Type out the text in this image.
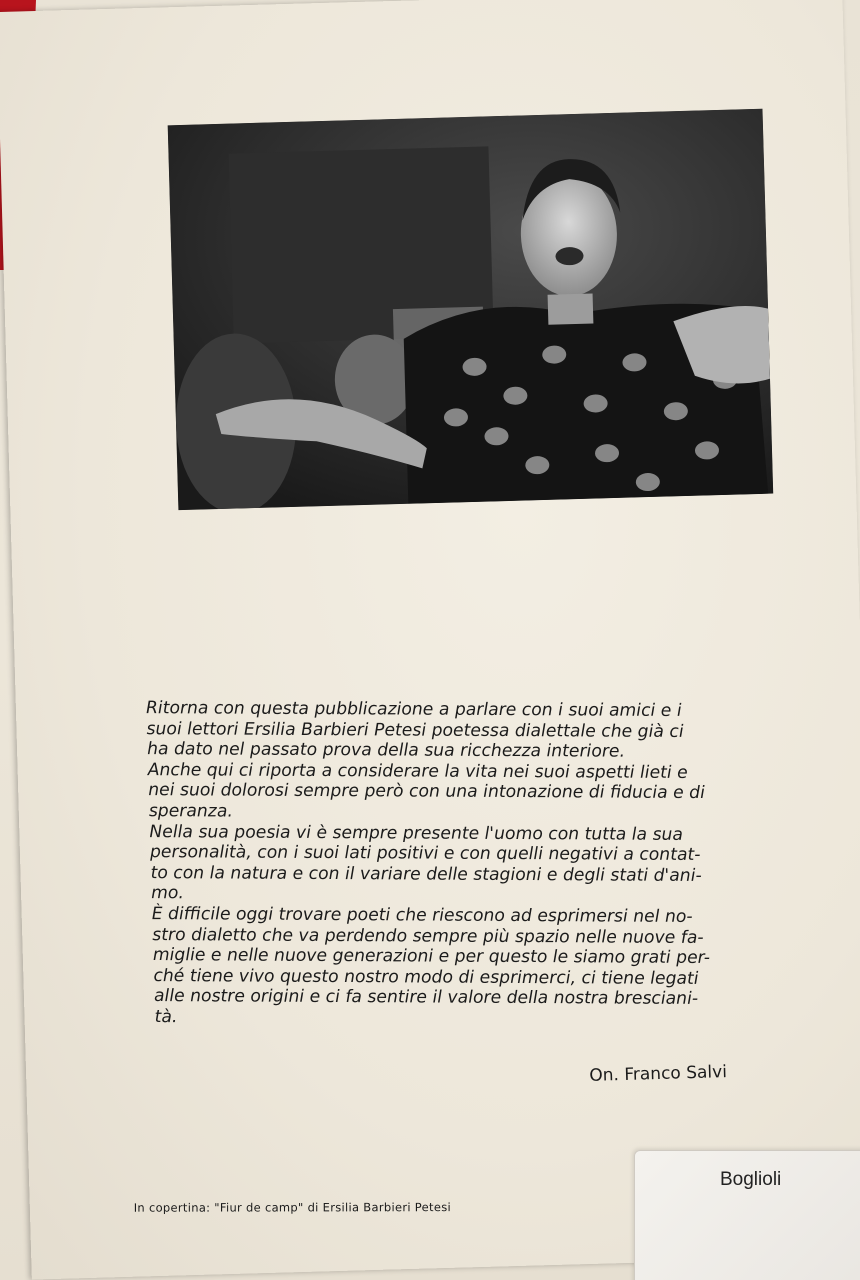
Ritorna con questa pubblicazione a parlare con i suoi amici e i
suoi lettori Ersilia Barbieri Petesi poetessa dialettale che già ci
ha dato nel passato prova della sua ricchezza interiore.
Anche qui ci riporta a considerare la vita nei suoi aspetti lieti e
nei suoi dolorosi sempre però con una intonazione di fiducia e di
speranza.
Nella sua poesia vi è sempre presente l'uomo con tutta la sua
personalità, con i suoi lati positivi e con quelli negativi a contat-
to con la natura e con il variare delle stagioni e degli stati d'ani-
mo.
È difficile oggi trovare poeti che riescono ad esprimersi nel no-
stro dialetto che va perdendo sempre più spazio nelle nuove fa-
miglie e nelle nuove generazioni e per questo le siamo grati per-
ché tiene vivo questo nostro modo di esprimerci, ci tiene legati
alle nostre origini e ci fa sentire il valore della nostra bresciani-
tà.
On. Franco Salvi
In copertina: "Fiur de camp" di Ersilia Barbieri Petesi
Boglioli
